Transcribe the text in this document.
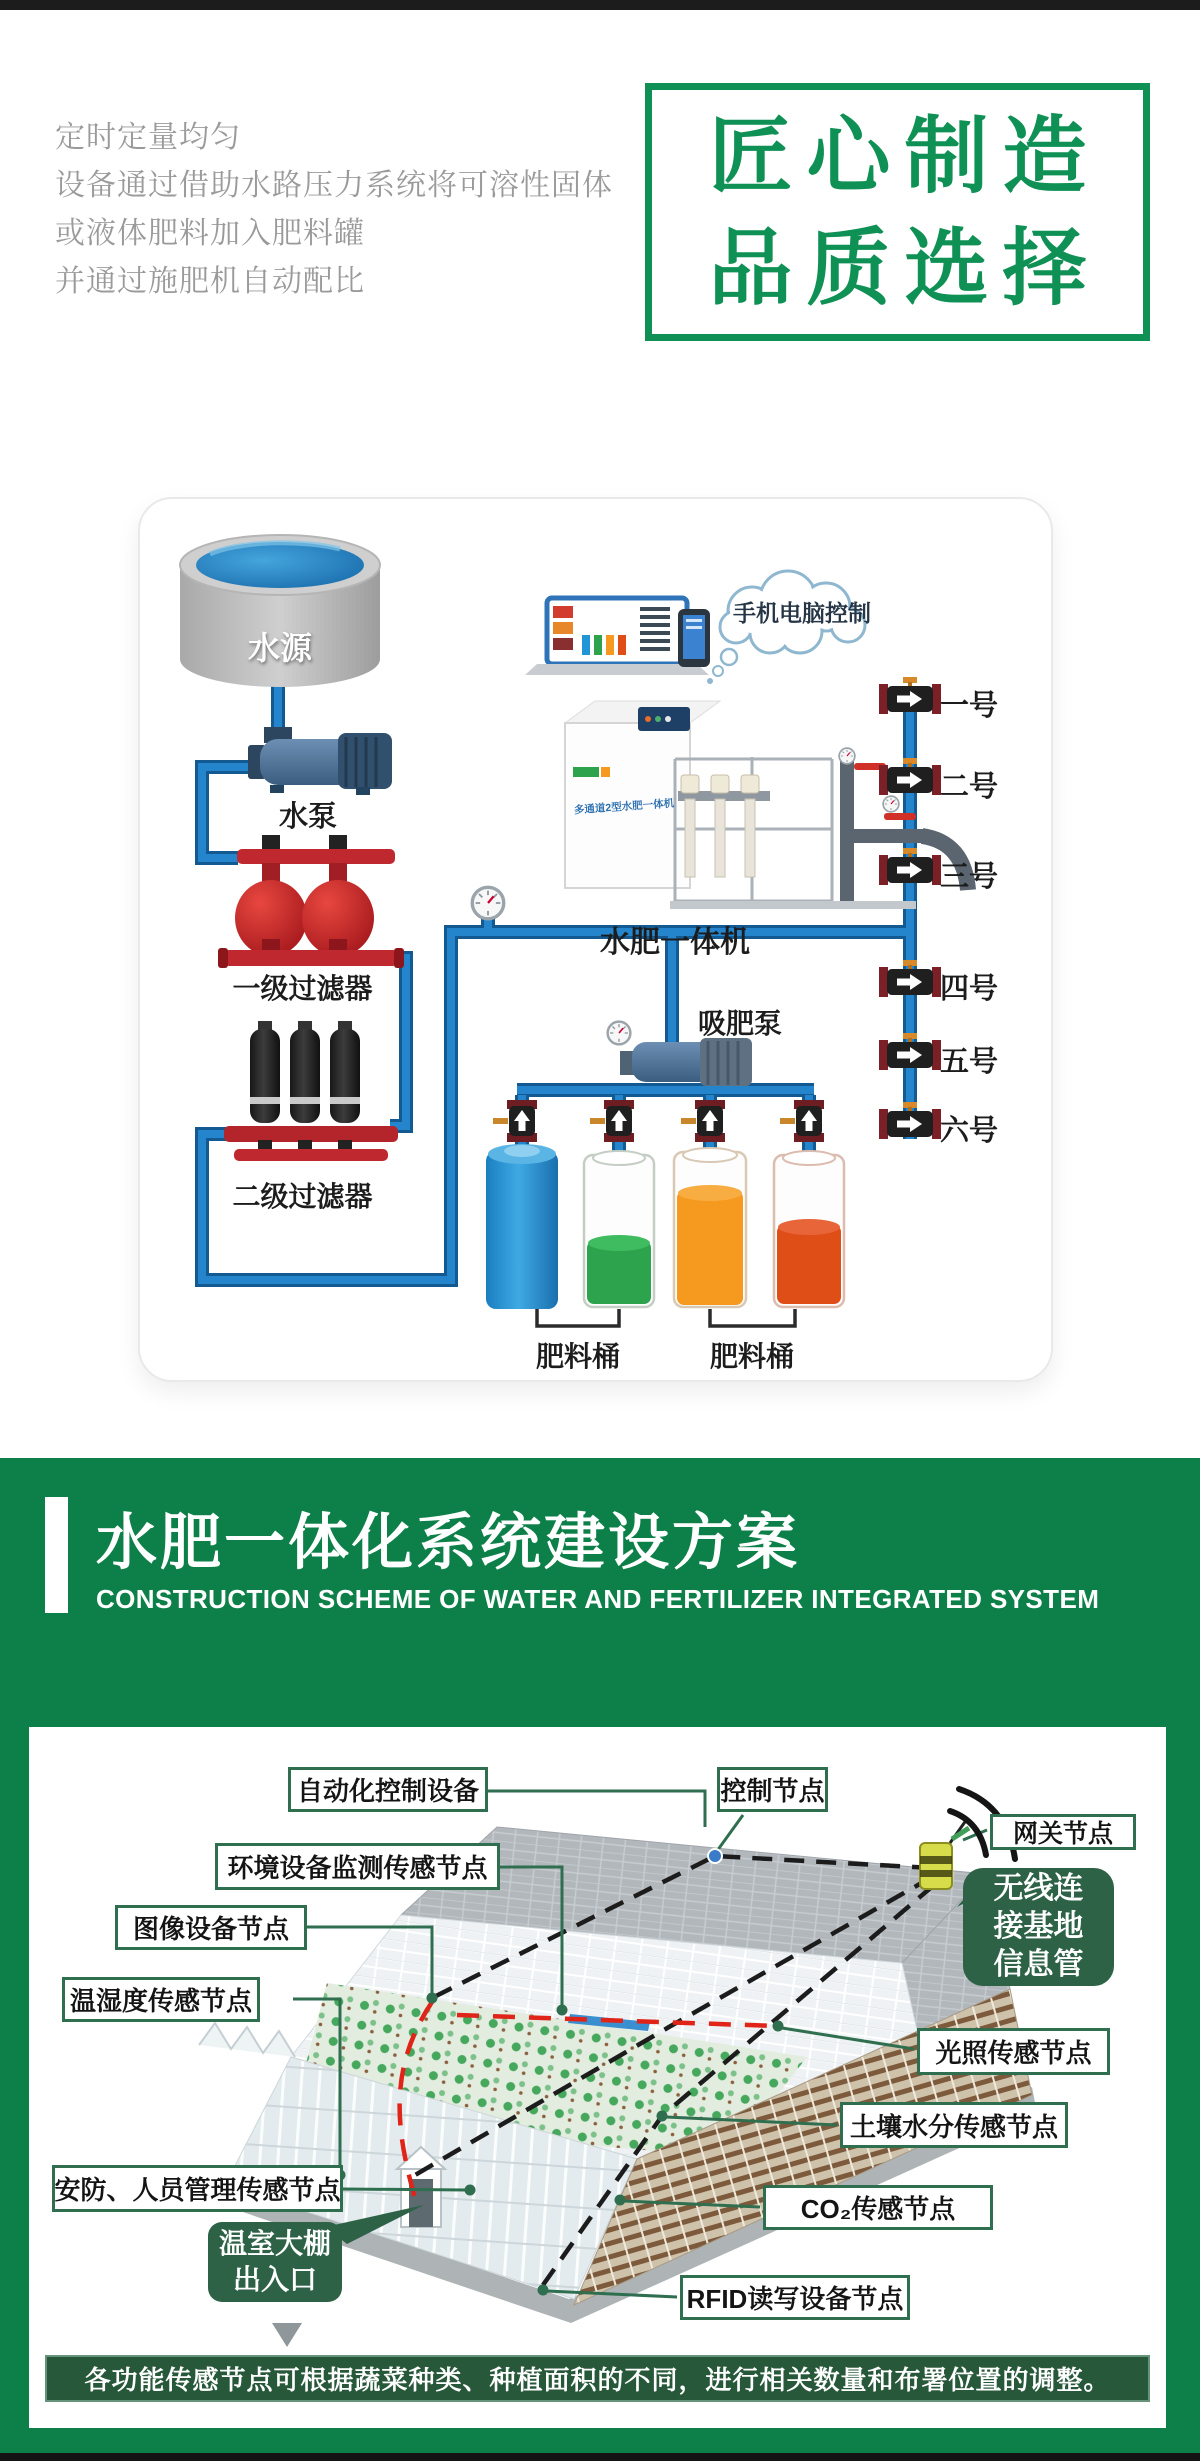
定时定量均匀
设备通过借助水路压力系统将可溶性固体
或液体肥料加入肥料罐
并通过施肥机自动配比
匠心制造
品质选择
水源
水泵
一级过滤器
二级过滤器
多通道2型水肥一体机
水肥一体机
手机电脑控制
吸肥泵
肥料桶	肥料桶
一号
二号
三号
四号
五号
六号
水肥一体化系统建设方案
CONSTRUCTION SCHEME OF WATER AND FERTILIZER INTEGRATED SYSTEM
自动化控制设备
环境设备监测传感节点
图像设备节点
温湿度传感节点
安防、人员管理传感节点
控制节点
网关节点
光照传感节点
土壤水分传感节点
CO₂传感节点
RFID读写设备节点
无线连
接基地
信息管
温室大棚
出入口
各功能传感节点可根据蔬菜种类、种植面积的不同，进行相关数量和布署位置的调整。
